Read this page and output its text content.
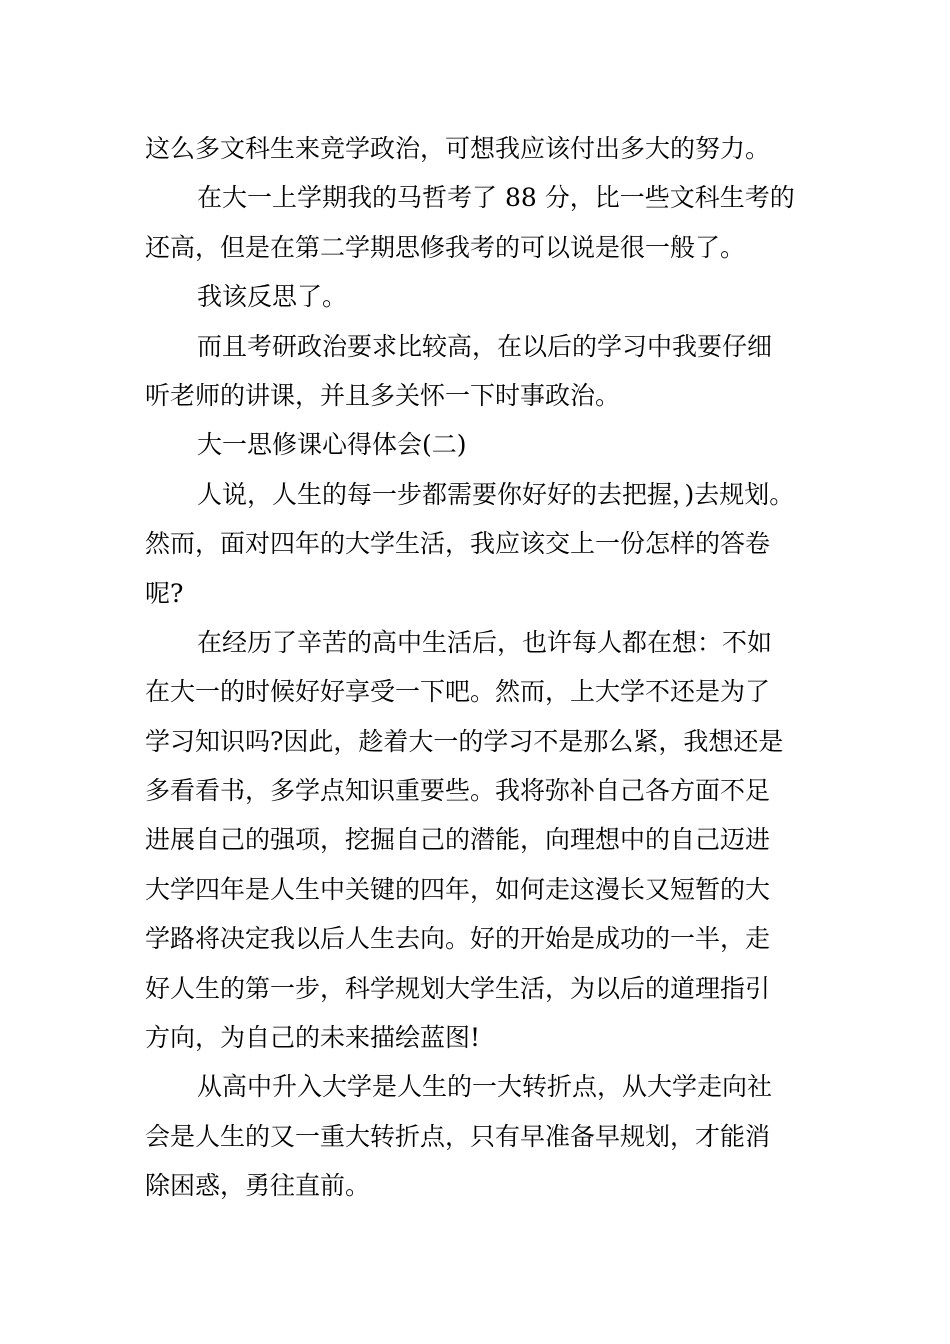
这么多文科生来竞学政治，可想我应该付出多大的努力。
在大一上学期我的马哲考了 88 分，比一些文科生考的
还高，但是在第二学期思修我考的可以说是很一般了。
我该反思了。
而且考研政治要求比较高，在以后的学习中我要仔细
听老师的讲课，并且多关怀一下时事政治。
大一思修课心得体会(二)
人说，人生的每一步都需要你好好的去把握，)去规划。
然而，面对四年的大学生活，我应该交上一份怎样的答卷
呢?
在经历了辛苦的高中生活后，也许每人都在想：不如
在大一的时候好好享受一下吧。然而，上大学不还是为了
学习知识吗?因此，趁着大一的学习不是那么紧，我想还是
多看看书，多学点知识重要些。我将弥补自己各方面不足
进展自己的强项，挖掘自己的潜能，向理想中的自己迈进
大学四年是人生中关键的四年，如何走这漫长又短暂的大
学路将决定我以后人生去向。好的开始是成功的一半，走
好人生的第一步，科学规划大学生活，为以后的道理指引
方向，为自己的未来描绘蓝图!
从高中升入大学是人生的一大转折点，从大学走向社
会是人生的又一重大转折点，只有早准备早规划，才能消
除困惑，勇往直前。
